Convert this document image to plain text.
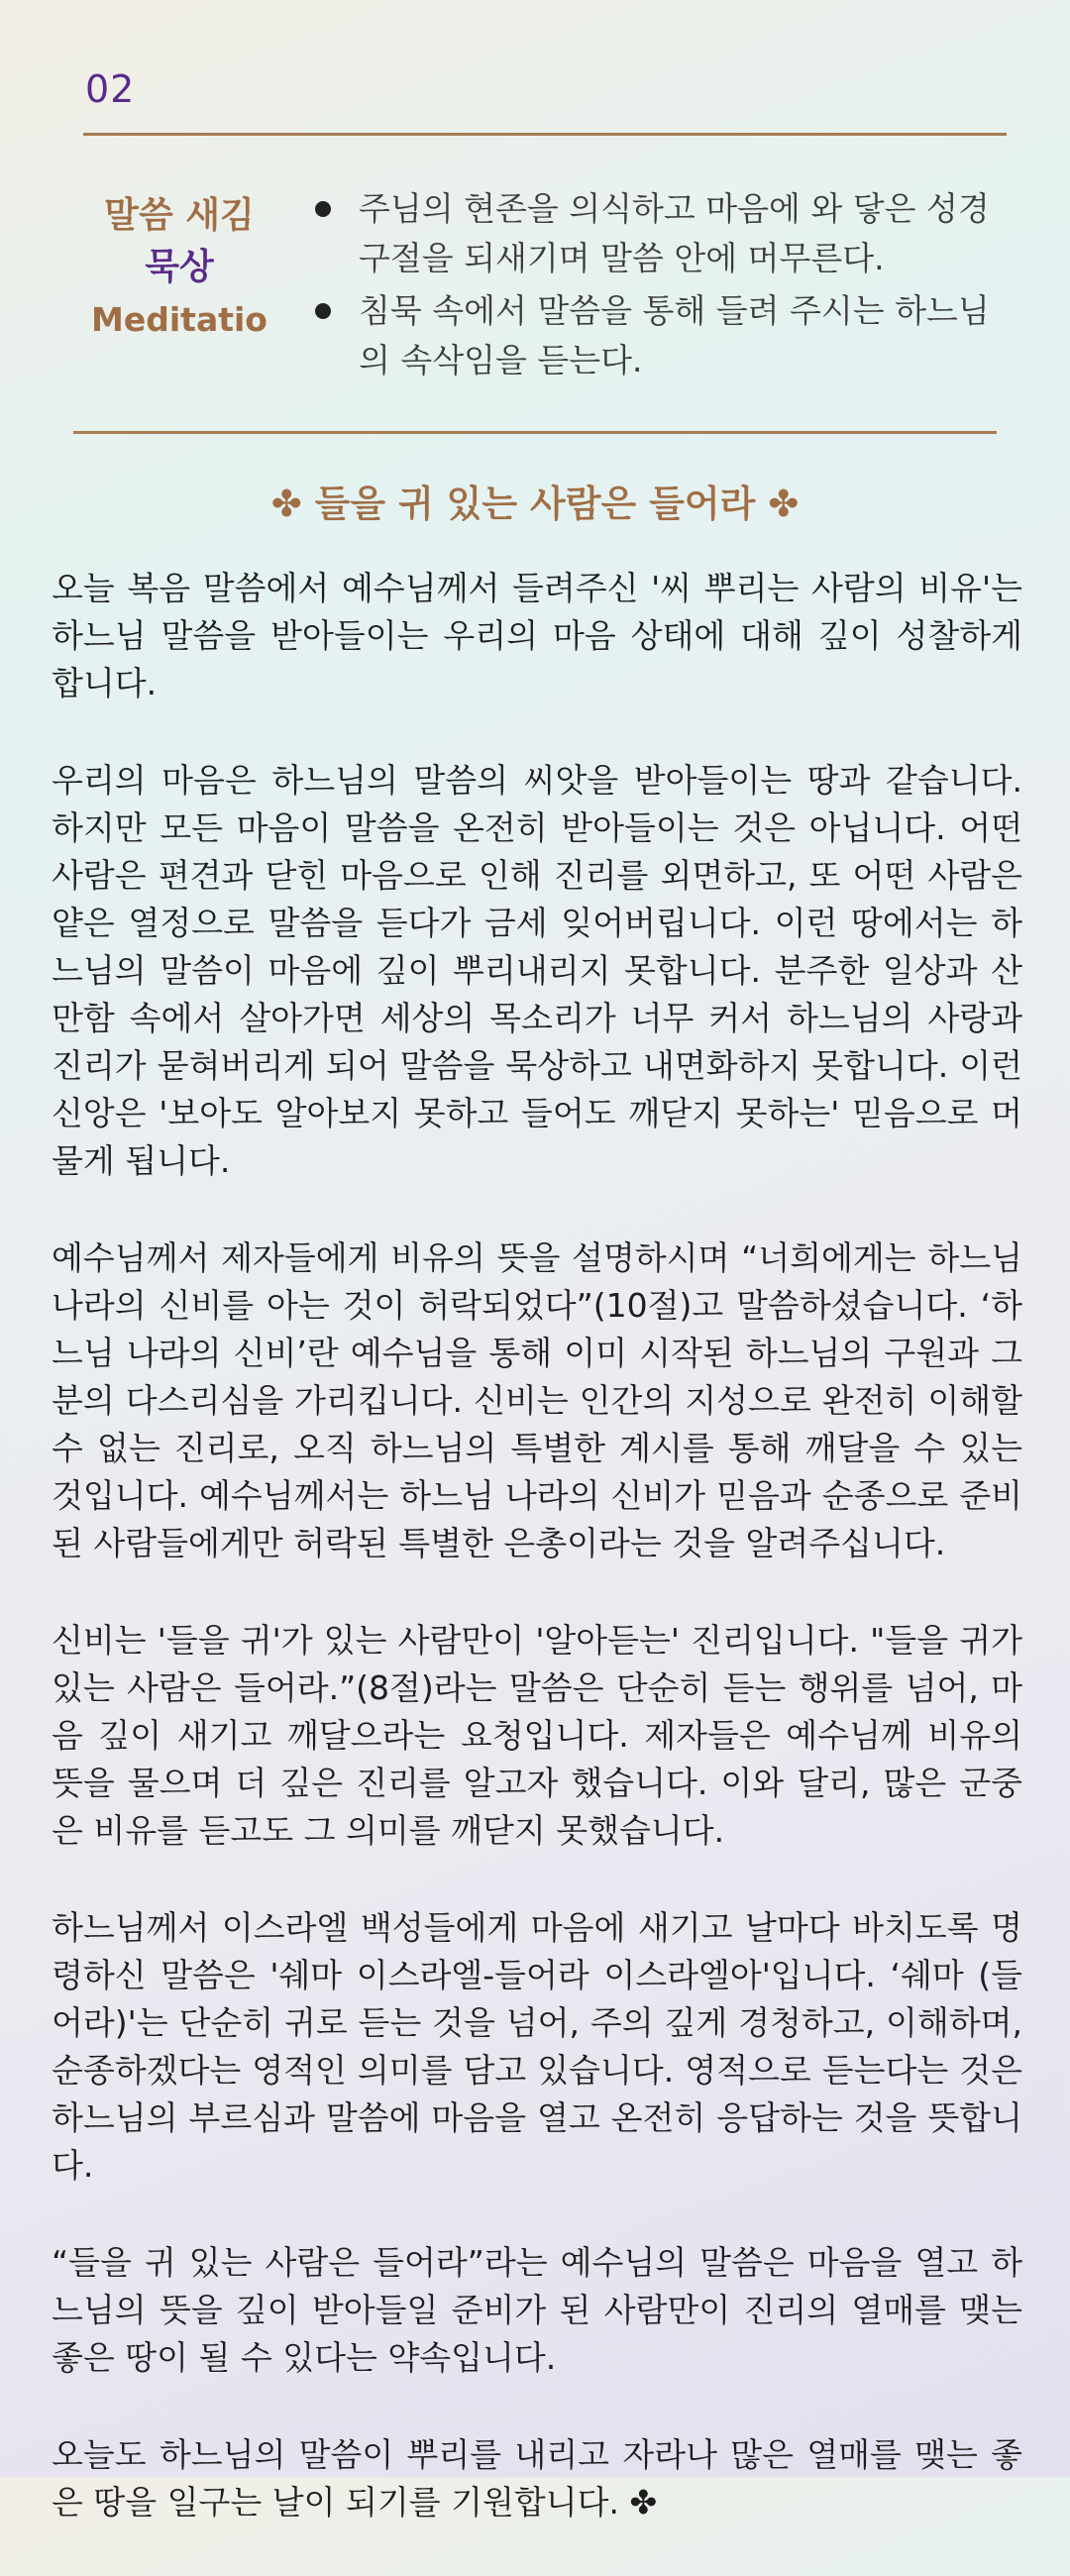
02
말씀 새김
묵상
Meditatio
주님의 현존을 의식하고 마음에 와 닿은 성경구절을 되새기며 말씀 안에 머무른다.
침묵 속에서 말씀을 통해 들려 주시는 하느님의 속삭임을 듣는다.
✤ 들을 귀 있는 사람은 들어라 ✤

오늘 복음 말씀에서 예수님께서 들려주신 '씨 뿌리는 사람의 비유'는 하느님 말씀을 받아들이는 우리의 마음 상태에 대해 깊이 성찰하게 합니다.

우리의 마음은 하느님의 말씀의 씨앗을 받아들이는 땅과 같습니다. 하지만 모든 마음이 말씀을 온전히 받아들이는 것은 아닙니다. 어떤 사람은 편견과 닫힌 마음으로 인해 진리를 외면하고, 또 어떤 사람은 얕은 열정으로 말씀을 듣다가 금세 잊어버립니다. 이런 땅에서는 하느님의 말씀이 마음에 깊이 뿌리내리지 못합니다. 분주한 일상과 산만함 속에서 살아가면 세상의 목소리가 너무 커서 하느님의 사랑과 진리가 묻혀버리게 되어 말씀을 묵상하고 내면화하지 못합니다. 이런 신앙은 '보아도 알아보지 못하고 들어도 깨닫지 못하는' 믿음으로 머물게 됩니다.

예수님께서 제자들에게 비유의 뜻을 설명하시며 “너희에게는 하느님 나라의 신비를 아는 것이 허락되었다”(10절)고 말씀하셨습니다. ‘하느님 나라의 신비’란 예수님을 통해 이미 시작된 하느님의 구원과 그분의 다스리심을 가리킵니다. 신비는 인간의 지성으로 완전히 이해할 수 없는 진리로, 오직 하느님의 특별한 계시를 통해 깨달을 수 있는 것입니다. 예수님께서는 하느님 나라의 신비가 믿음과 순종으로 준비된 사람들에게만 허락된 특별한 은총이라는 것을 알려주십니다.

신비는 '들을 귀'가 있는 사람만이 '알아듣는' 진리입니다. "들을 귀가 있는 사람은 들어라.”(8절)라는 말씀은 단순히 듣는 행위를 넘어, 마음 깊이 새기고 깨달으라는 요청입니다. 제자들은 예수님께 비유의 뜻을 물으며 더 깊은 진리를 알고자 했습니다. 이와 달리, 많은 군중은 비유를 듣고도 그 의미를 깨닫지 못했습니다.

하느님께서 이스라엘 백성들에게 마음에 새기고 날마다 바치도록 명령하신 말씀은 '쉐마 이스라엘-들어라 이스라엘아'입니다. ‘쉐마 (들어라)'는 단순히 귀로 듣는 것을 넘어, 주의 깊게 경청하고, 이해하며, 순종하겠다는 영적인 의미를 담고 있습니다. 영적으로 듣는다는 것은 하느님의 부르심과 말씀에 마음을 열고 온전히 응답하는 것을 뜻합니다.

“들을 귀 있는 사람은 들어라”라는 예수님의 말씀은 마음을 열고 하느님의 뜻을 깊이 받아들일 준비가 된 사람만이 진리의 열매를 맺는 좋은 땅이 될 수 있다는 약속입니다.

오늘도 하느님의 말씀이 뿌리를 내리고 자라나 많은 열매를 맺는 좋은 땅을 일구는 날이 되기를 기원합니다. ✤
